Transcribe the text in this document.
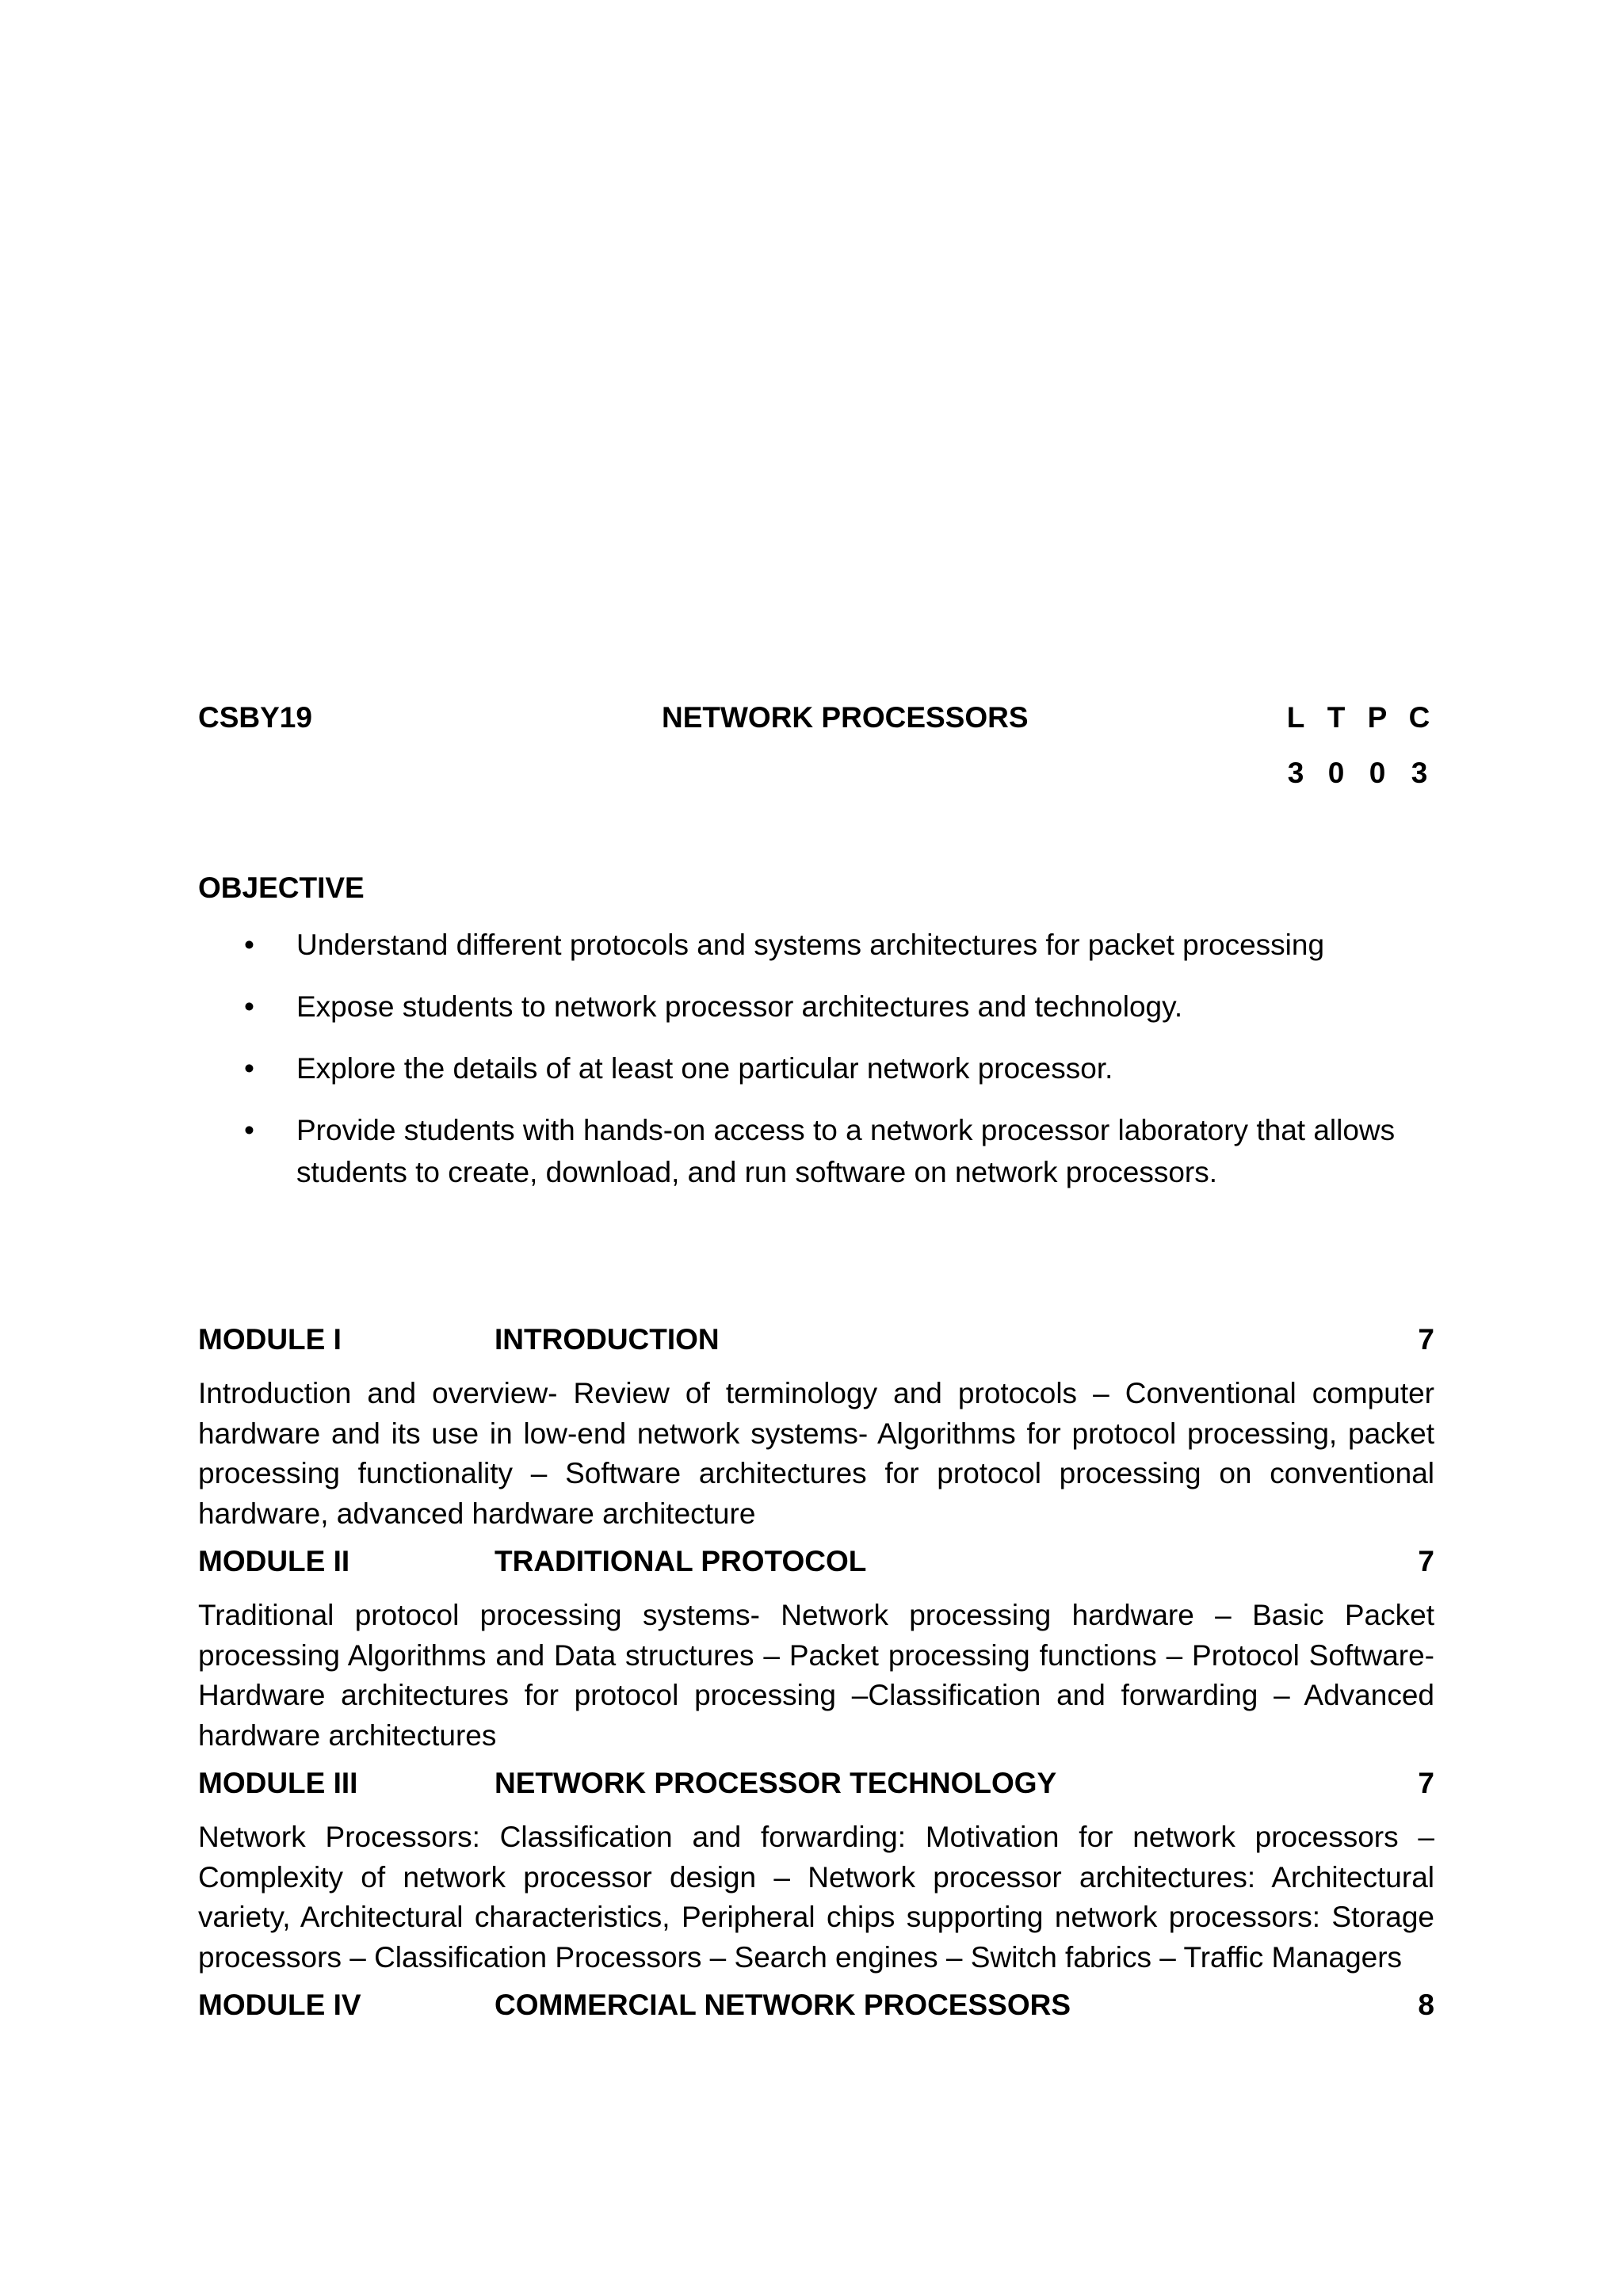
CSBY19	NETWORK PROCESSORS	L T P C
3 0 0 3
OBJECTIVE
• Understand different protocols and systems architectures for packet processing
• Expose students to network processor architectures and technology.
• Explore the details of at least one particular network processor.
• Provide students with hands-on access to a network processor laboratory that allows students to create, download, and run software on network processors.
MODULE I	INTRODUCTION	7
Introduction and overview- Review of terminology and protocols – Conventional computer hardware and its use in low-end network systems- Algorithms for protocol processing, packet processing functionality – Software architectures for protocol processing on conventional hardware, advanced hardware architecture
MODULE II	TRADITIONAL PROTOCOL	7
Traditional protocol processing systems- Network processing hardware – Basic Packet processing Algorithms and Data structures – Packet processing functions – Protocol Software- Hardware architectures for protocol processing –Classification and forwarding – Advanced hardware architectures
MODULE III	NETWORK PROCESSOR TECHNOLOGY	7
Network Processors: Classification and forwarding: Motivation for network processors – Complexity of network processor design – Network processor architectures: Architectural variety, Architectural characteristics, Peripheral chips supporting network processors: Storage processors – Classification Processors – Search engines – Switch fabrics – Traffic Managers
MODULE IV	COMMERCIAL NETWORK PROCESSORS	8
